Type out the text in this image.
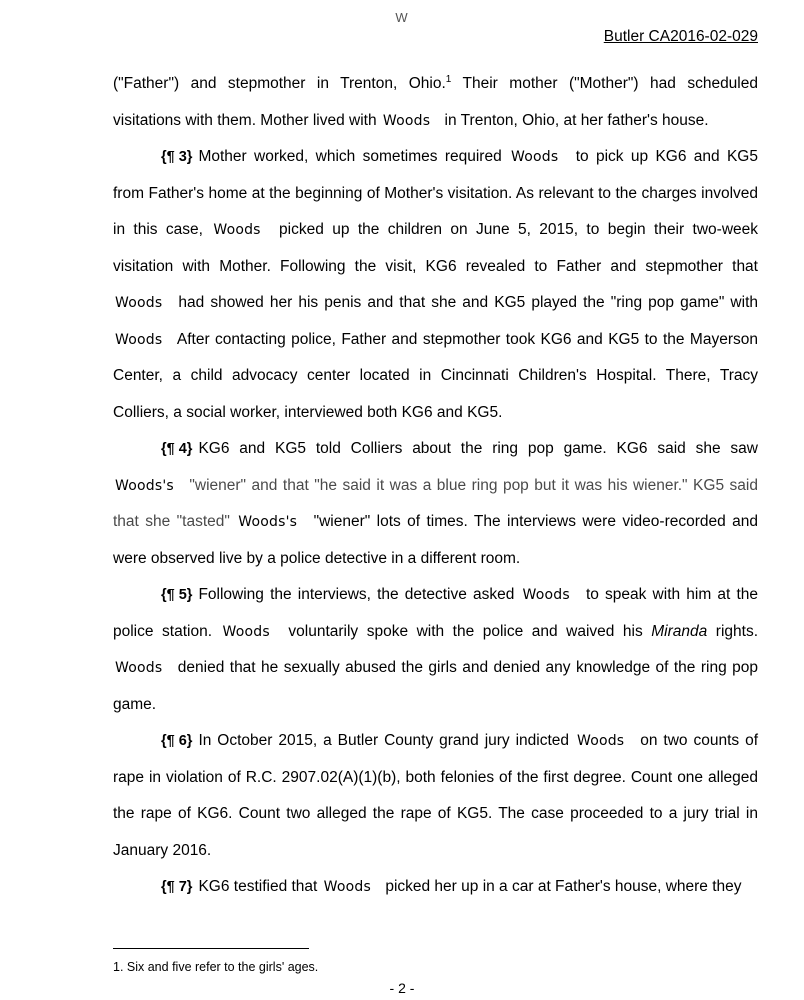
W
Butler CA2016-02-029

("Father") and stepmother in Trenton, Ohio.$^1$ Their mother ("Mother") had scheduled visitations with them. Mother lived with Woods in Trenton, Ohio, at her father's house.

{¶ 3} Mother worked, which sometimes required Woods to pick up KG6 and KG5 from Father's home at the beginning of Mother's visitation. As relevant to the charges involved in this case, Woods picked up the children on June 5, 2015, to begin their two-week visitation with Mother. Following the visit, KG6 revealed to Father and stepmother that Woods had showed her his penis and that she and KG5 played the "ring pop game" with Woods After contacting police, Father and stepmother took KG6 and KG5 to the Mayerson Center, a child advocacy center located in Cincinnati Children's Hospital. There, Tracy Colliers, a social worker, interviewed both KG6 and KG5.

{¶ 4} KG6 and KG5 told Colliers about the ring pop game. KG6 said she saw Woods's "wiener" and that "he said it was a blue ring pop but it was his wiener." KG5 said that she "tasted" Woods's "wiener" lots of times. The interviews were video-recorded and were observed live by a police detective in a different room.

{¶ 5} Following the interviews, the detective asked Woods to speak with him at the police station. Woods voluntarily spoke with the police and waived his Miranda rights. Woods denied that he sexually abused the girls and denied any knowledge of the ring pop game.

{¶ 6} In October 2015, a Butler County grand jury indicted Woods on two counts of rape in violation of R.C. 2907.02(A)(1)(b), both felonies of the first degree. Count one alleged the rape of KG6. Count two alleged the rape of KG5. The case proceeded to a jury trial in January 2016.

{¶ 7} KG6 testified that Woods picked her up in a car at Father's house, where they

1. Six and five refer to the girls' ages.
- 2 -
